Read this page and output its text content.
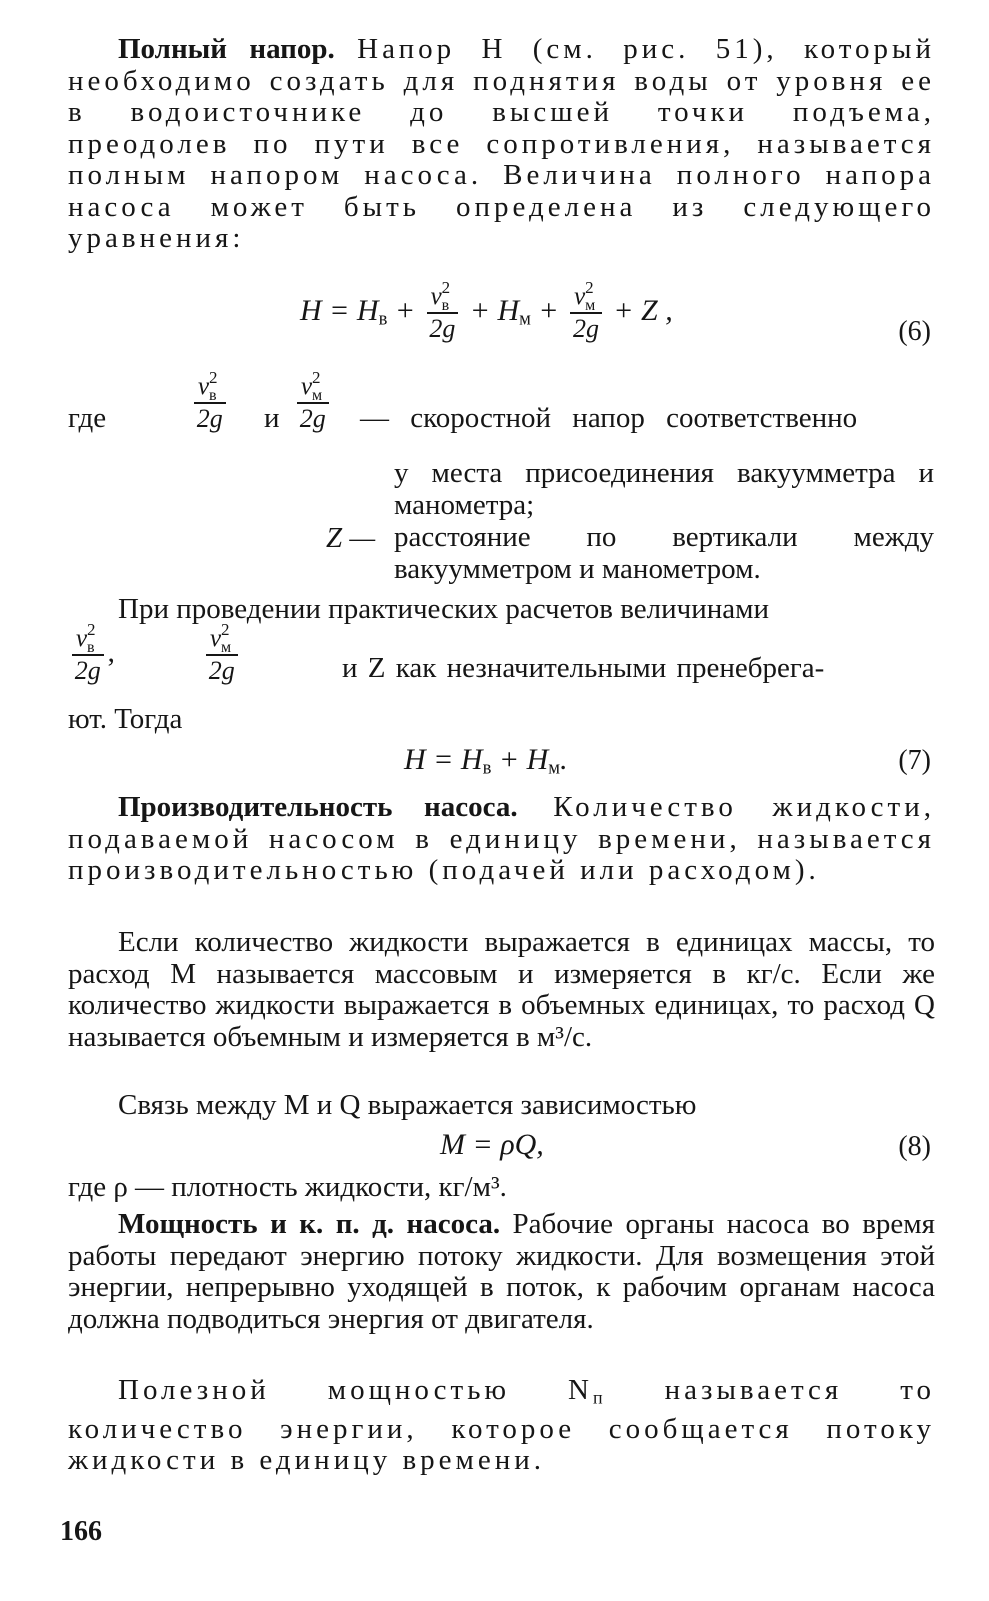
Полный напор. Напор H (см. рис. 51), который необходимо создать для поднятия воды от уровня ее в водоисточнике до высшей точки подъема, преодолев по пути все сопротивления, называется полным напором насоса. Величина полного напора насоса может быть определена из следующего уравнения:

$H = H_в + v$ 2
в

$2g + H_м + v$ 2
м

2g + Z ,
(6)
где	v 2
в

2g и v 2
м

2g — скоростной напор соответственно
у места присоединения вакуумметра и манометра;
Z — расстояние по вертикали между вакуумметром и манометром.

При проведении практических расчетов величинами

v 2
в

2g ,	v 2
м

2g	и Z как незначительными пренебрега-

ют. Тогда

$H = H_в + H_м$.	(7)

Производительность насоса. Количество жидкости, подаваемой насосом в единицу времени, называется производительностью (подачей или расходом).

Если количество жидкости выражается в единицах массы, то расход M называется массовым и измеряется в кг/с. Если же количество жидкости выражается в объемных единицах, то расход Q называется объемным и измеряется в м³/с.

Связь между M и Q выражается зависимостью

M = ρQ,	(8)

где ρ — плотность жидкости, кг/м³.

Мощность и к. п. д. насоса. Рабочие органы насоса во время работы передают энергию потоку жидкости. Для возмещения этой энергии, непрерывно уходящей в поток, к рабочим органам насоса должна подводиться энергия от двигателя.

Полезной мощностью $N_п$ называется то количество энергии, которое сообщается потоку жидкости в единицу времени.

166
